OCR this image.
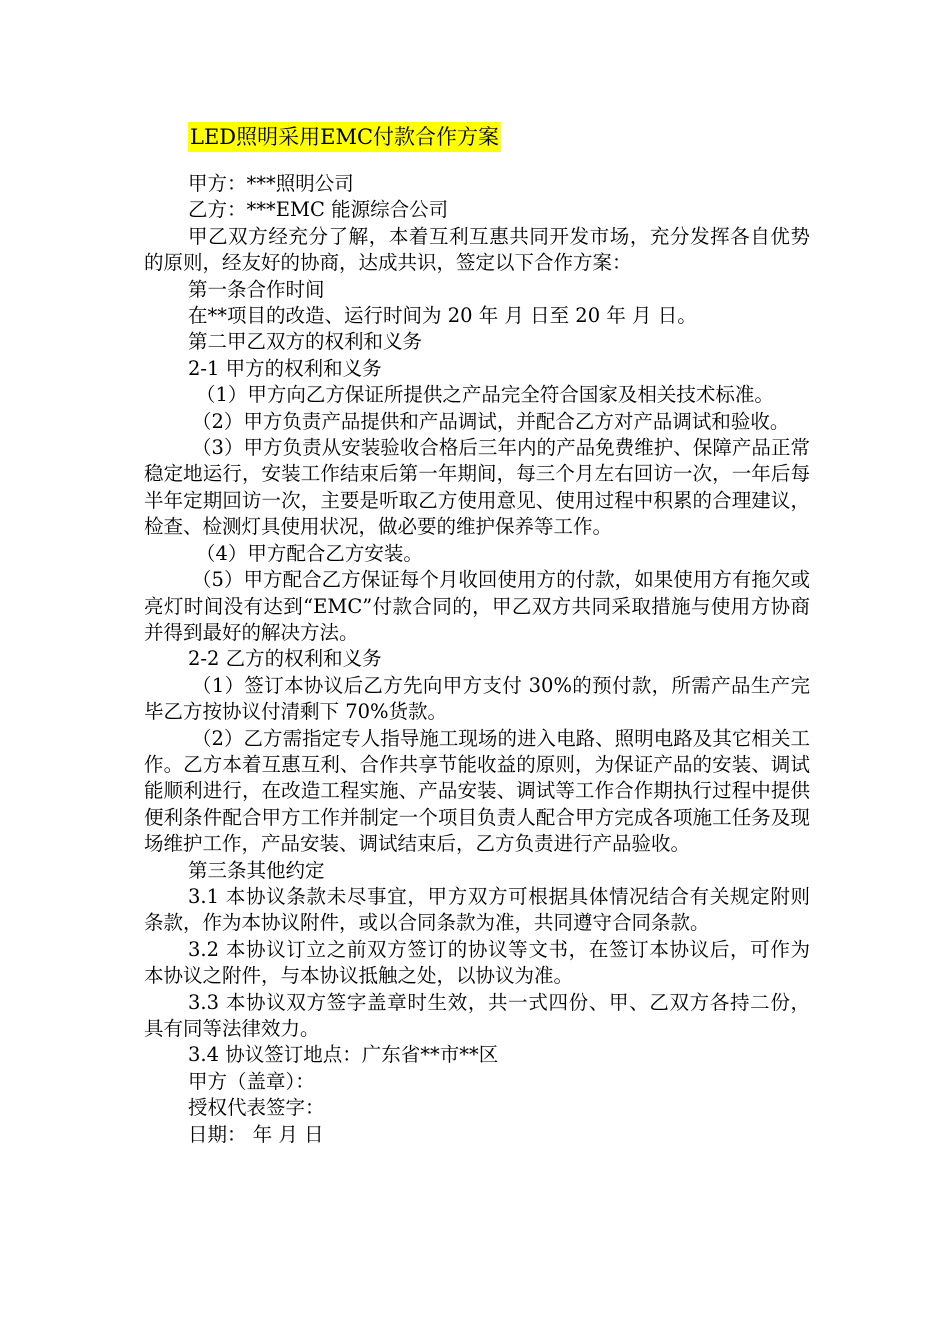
LED照明采用EMC付款合作方案

甲方：***照明公司

乙方：***EMC 能源综合公司

甲乙双方经充分了解，本着互利互惠共同开发市场，充分发挥各自优势的原则，经友好的协商，达成共识，签定以下合作方案：

第一条合作时间

在**项目的改造、运行时间为 20 年 月 日至 20 年 月 日。

第二甲乙双方的权利和义务

2-1 甲方的权利和义务

（1）甲方向乙方保证所提供之产品完全符合国家及相关技术标准。

（2）甲方负责产品提供和产品调试，并配合乙方对产品调试和验收。

（3）甲方负责从安装验收合格后三年内的产品免费维护、保障产品正常稳定地运行，安装工作结束后第一年期间，每三个月左右回访一次，一年后每半年定期回访一次，主要是听取乙方使用意见、使用过程中积累的合理建议，检查、检测灯具使用状况，做必要的维护保养等工作。

（4）甲方配合乙方安装。

（5）甲方配合乙方保证每个月收回使用方的付款，如果使用方有拖欠或亮灯时间没有达到“EMC”付款合同的，甲乙双方共同采取措施与使用方协商并得到最好的解决方法。

2-2 乙方的权利和义务

（1）签订本协议后乙方先向甲方支付 30%的预付款，所需产品生产完毕乙方按协议付清剩下 70%货款。

（2）乙方需指定专人指导施工现场的进入电路、照明电路及其它相关工作。乙方本着互惠互利、合作共享节能收益的原则，为保证产品的安装、调试能顺利进行，在改造工程实施、产品安装、调试等工作合作期执行过程中提供便利条件配合甲方工作并制定一个项目负责人配合甲方完成各项施工任务及现场维护工作，产品安装、调试结束后，乙方负责进行产品验收。

第三条其他约定

3.1 本协议条款未尽事宜，甲方双方可根据具体情况结合有关规定附则条款，作为本协议附件，或以合同条款为准，共同遵守合同条款。

3.2 本协议订立之前双方签订的协议等文书，在签订本协议后，可作为本协议之附件，与本协议抵触之处，以协议为准。

3.3 本协议双方签字盖章时生效，共一式四份、甲、乙双方各持二份，具有同等法律效力。

3.4 协议签订地点：广东省**市**区

甲方（盖章）：

授权代表签字：

日期： 年 月 日
